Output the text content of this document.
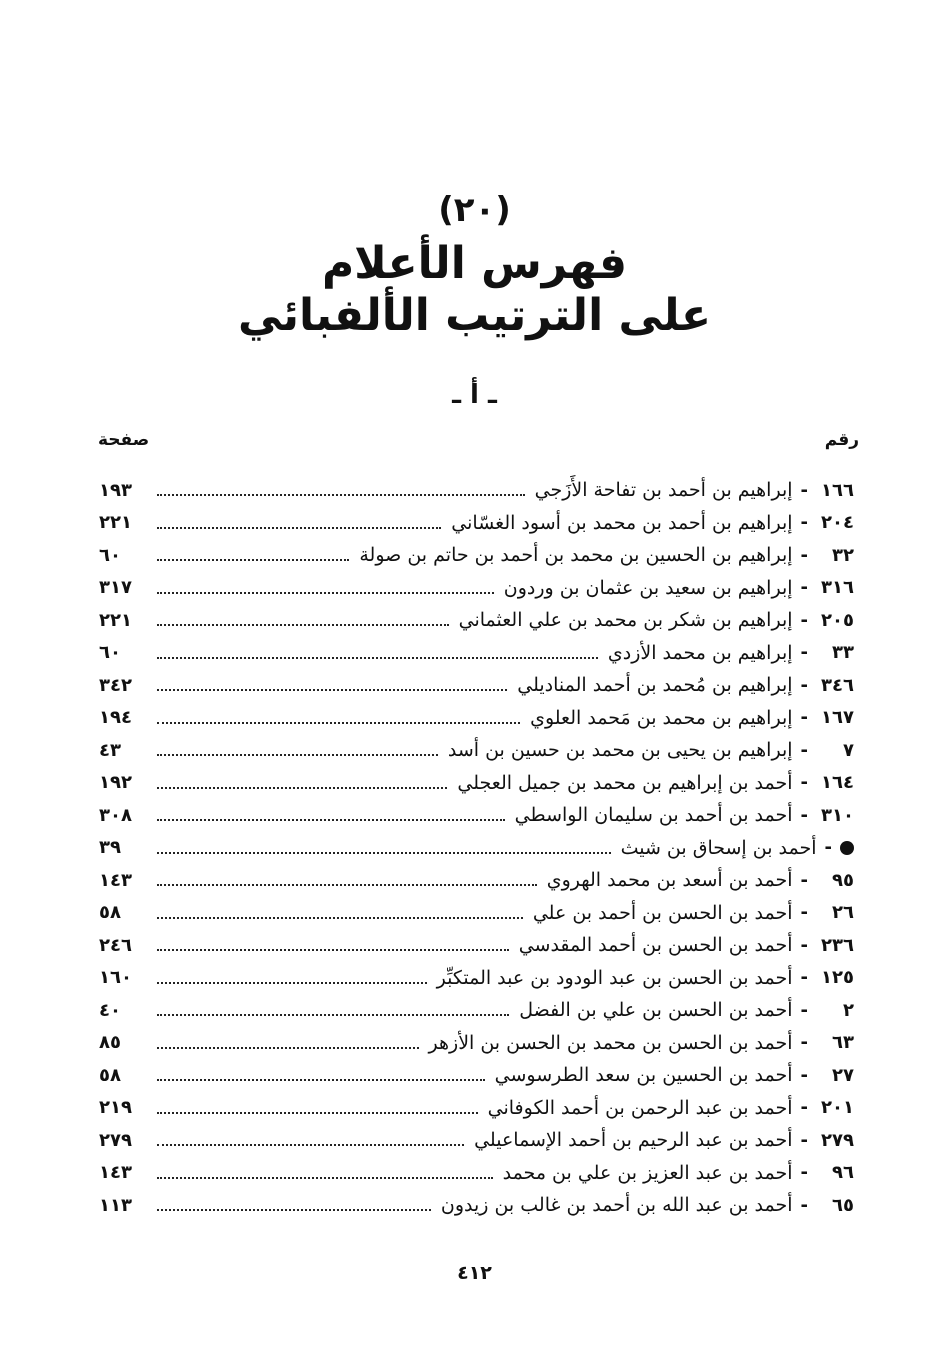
(٢٠)
فهرس الأعلام
على الترتيب الألفبائي
ـ أ ـ
رقم
صفحة
١٦٦
-
إبراهيم بن أحمد بن تفاحة الأَزَجي
١٩٣
٢٠٤
-
إبراهيم بن أحمد بن محمد بن أسود الغسّاني
٢٢١
٣٢
-
إبراهيم بن الحسين بن محمد بن أحمد بن حاتم بن صولة
٦٠
٣١٦
-
إبراهيم بن سعيد بن عثمان بن وردون
٣١٧
٢٠٥
-
إبراهيم بن شكر بن محمد بن علي العثماني
٢٢١
٣٣
-
إبراهيم بن محمد الأزدي
٦٠
٣٤٦
-
إبراهيم بن مُحمد بن أحمد المناديلي
٣٤٢
١٦٧
-
إبراهيم بن محمد بن مَحمد العلوي
١٩٤
٧
-
إبراهيم بن يحيى بن محمد بن حسين بن أسد
٤٣
١٦٤
-
أحمد بن إبراهيم بن محمد بن جميل العجلي
١٩٢
٣١٠
-
أحمد بن أحمد بن سليمان الواسطي
٣٠٨
-
أحمد بن إسحاق بن شيث
٣٩
٩٥
-
أحمد بن أسعد بن محمد الهروي
١٤٣
٢٦
-
أحمد بن الحسن بن أحمد بن علي
٥٨
٢٣٦
-
أحمد بن الحسن بن أحمد المقدسي
٢٤٦
١٢٥
-
أحمد بن الحسن بن عبد الودود بن عبد المتكبِّر
١٦٠
٢
-
أحمد بن الحسن بن علي بن الفضل
٤٠
٦٣
-
أحمد بن الحسن بن محمد بن الحسن بن الأزهر
٨٥
٢٧
-
أحمد بن الحسين بن سعد الطرسوسي
٥٨
٢٠١
-
أحمد بن عبد الرحمن بن أحمد الكوفاني
٢١٩
٢٧٩
-
أحمد بن عبد الرحيم بن أحمد الإسماعيلي
٢٧٩
٩٦
-
أحمد بن عبد العزيز بن علي بن محمد
١٤٣
٦٥
-
أحمد بن عبد الله بن أحمد بن غالب بن زيدون
١١٣
٤١٢
